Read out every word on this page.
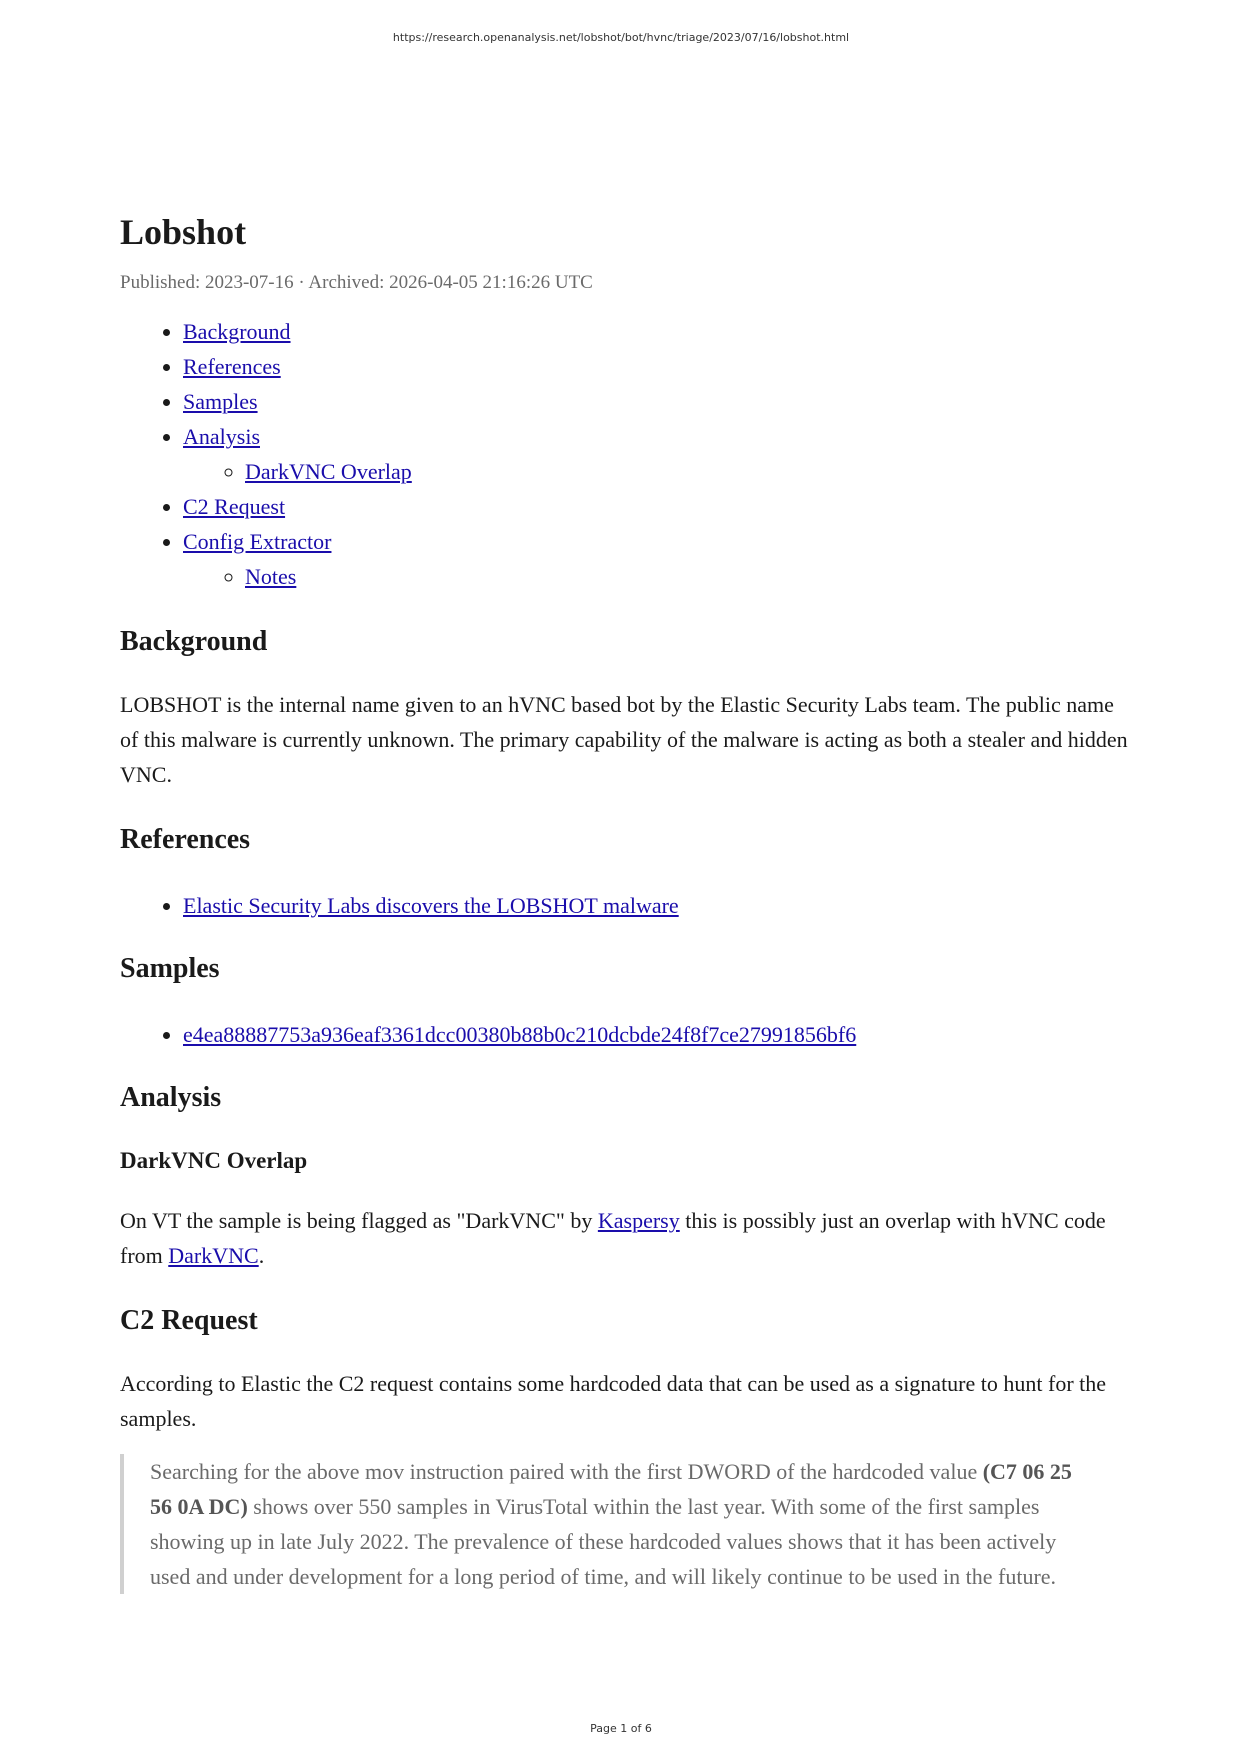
https://research.openanalysis.net/lobshot/bot/hvnc/triage/2023/07/16/lobshot.html
Lobshot
Published: 2023-07-16 · Archived: 2026-04-05 21:16:26 UTC
• Background
• References
• Samples
• Analysis
◦ DarkVNC Overlap
• C2 Request
• Config Extractor
◦ Notes
Background

LOBSHOT is the internal name given to an hVNC based bot by the Elastic Security Labs team. The public name of this malware is currently unknown. The primary capability of the malware is acting as both a stealer and hidden VNC.

References
• Elastic Security Labs discovers the LOBSHOT malware
Samples
• e4ea88887753a936eaf3361dcc00380b88b0c210dcbde24f8f7ce27991856bf6
Analysis
DarkVNC Overlap

On VT the sample is being flagged as "DarkVNC" by Kaspersy this is possibly just an overlap with hVNC code from DarkVNC.

C2 Request

According to Elastic the C2 request contains some hardcoded data that can be used as a signature to hunt for the samples.

Searching for the above mov instruction paired with the first DWORD of the hardcoded value (C7 06 25 56 0A DC) shows over 550 samples in VirusTotal within the last year. With some of the first samples showing up in late July 2022. The prevalence of these hardcoded values shows that it has been actively used and under development for a long period of time, and will likely continue to be used in the future.
Page 1 of 6
